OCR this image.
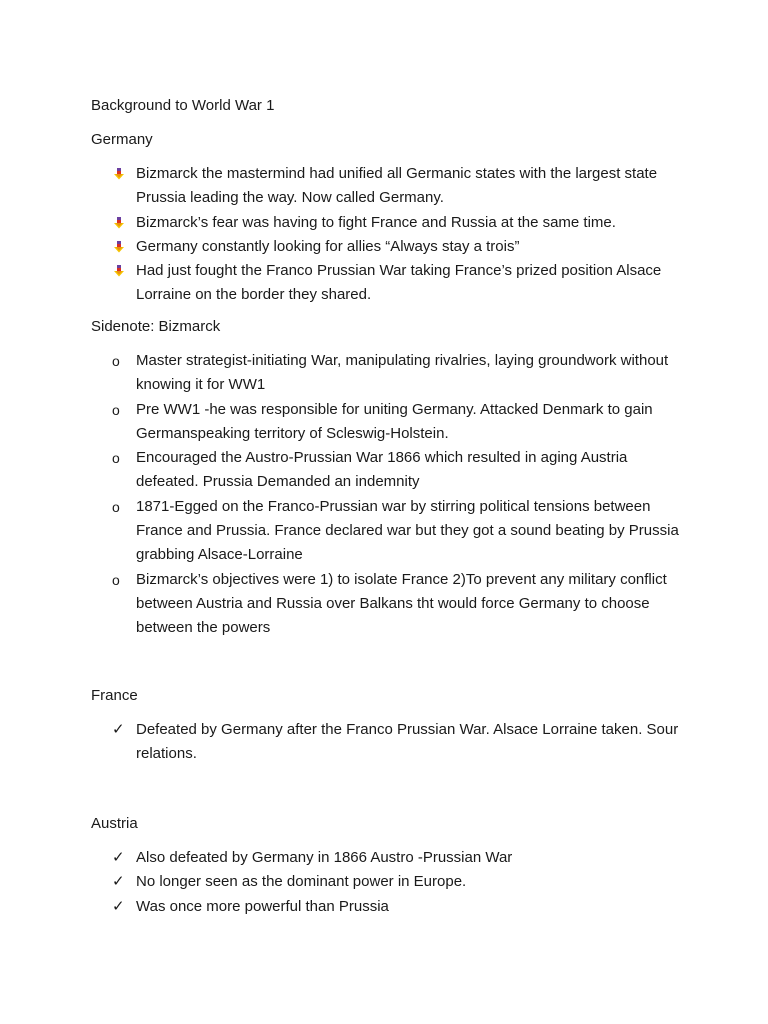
Background to World War 1
Germany
Bizmarck the mastermind had unified all Germanic states with the largest state Prussia leading the way. Now called Germany.
Bizmarck’s fear was having to fight France and Russia at the same time.
Germany constantly looking for allies “Always stay a trois”
Had just fought the Franco Prussian War taking France’s prized position Alsace Lorraine on the border they shared.
Sidenote: Bizmarck
o Master strategist-initiating War, manipulating rivalries, laying groundwork without knowing it for WW1
o Pre WW1 -he was responsible for uniting Germany. Attacked Denmark to gain Germanspeaking territory of Scleswig-Holstein.
o Encouraged the Austro-Prussian War 1866 which resulted in aging Austria defeated. Prussia Demanded an indemnity
o 1871-Egged on the Franco-Prussian war by stirring political tensions between France and Prussia. France declared war but they got a sound beating by Prussia grabbing Alsace-Lorraine
o Bizmarck’s objectives were 1) to isolate France 2)To prevent any military conflict between Austria and Russia over Balkans tht would force Germany to choose between the powers
France
✓ Defeated by Germany after the Franco Prussian War. Alsace Lorraine taken. Sour relations.
Austria
✓ Also defeated by Germany in 1866 Austro -Prussian War
✓ No longer seen as the dominant power in Europe.
✓ Was once more powerful than Prussia
